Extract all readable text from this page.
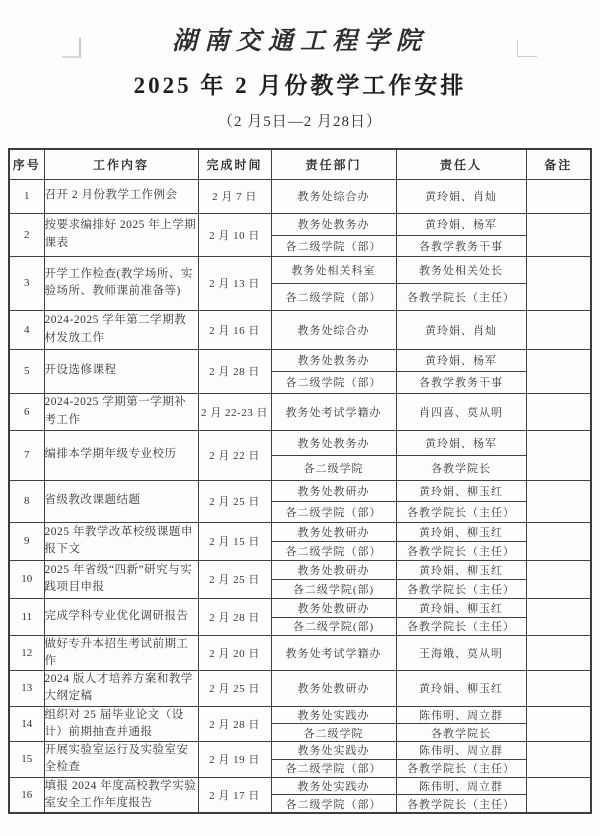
湖南交通工程学院
2025 年 2 月份教学工作安排
（2 月5日—2 月28日）
序号	工作内容	完成时间	责任部门	责任人	备注
1	召开 2 月份教学工作例会	2 月 7 日	教务处综合办	黄玲娟、肖灿	
2	按要求编排好 2025 年上学期课表	2 月 10 日	教务处教务办	黄玲娟、杨军	
			各二级学院（部）	各教学教务干事	
3	开学工作检查(教学场所、实验场所、教师课前准备等)	2 月 13 日	教务处相关科室	教务处相关处长	
			各二级学院（部）	各教学院长（主任）	
4	2024-2025 学年第二学期教材发放工作	2 月 16 日	教务处综合办	黄玲娟、肖灿	
5	开设选修课程	2 月 28 日	教务处教务办	黄玲娟、杨军	
			各二级学院（部）	各教学教务干事	
6	2024-2025 学期第一学期补考工作	2 月 22-23 日	教务处考试学籍办	肖四喜、莫从明	
7	编排本学期年级专业校历	2 月 22 日	教务处教务办	黄玲娟、杨军	
			各二级学院	各教学院长	
8	省级教改课题结题	2 月 25 日	教务处教研办	黄玲娟、柳玉红	
			各二级学院（部）	各教学院长（主任）	
9	2025 年教学改革校级课题申报下文	2 月 15 日	教务处教研办	黄玲娟、柳玉红	
			各二级学院（部）	各教学院长（主任）	
10	2025 年省级“四新”研究与实践项目申报	2 月 25 日	教务处教研办	黄玲娟、柳玉红	
			各二级学院(部)	各教学院长（主任）	
11	完成学科专业优化调研报告	2 月 28 日	教务处教研办	黄玲娟、柳玉红	
			各二级学院(部)	各教学院长（主任）	
12	做好专升本招生考试前期工作	2 月 20 日	教务处考试学籍办	王海娥、莫从明	
13	2024 版人才培养方案和教学大纲定稿	2 月 25 日	教务处教研办	黄玲娟、柳玉红	
14	组织对 25 届毕业论文（设计）前期抽查并通报	2 月 28 日	教务处实践办	陈伟明、周立群	
			各二级学院	各教学院长	
15	开展实验室运行及实验室安全检查	2 月 19 日	教务处实践办	陈伟明、周立群	
			各二级学院（部）	各教学院长（主任）	
16	填报 2024 年度高校教学实验室安全工作年度报告	2 月 17 日	教务处实践办	陈伟明、周立群	
			各二级学院（部）	各教学院长（主任）	
